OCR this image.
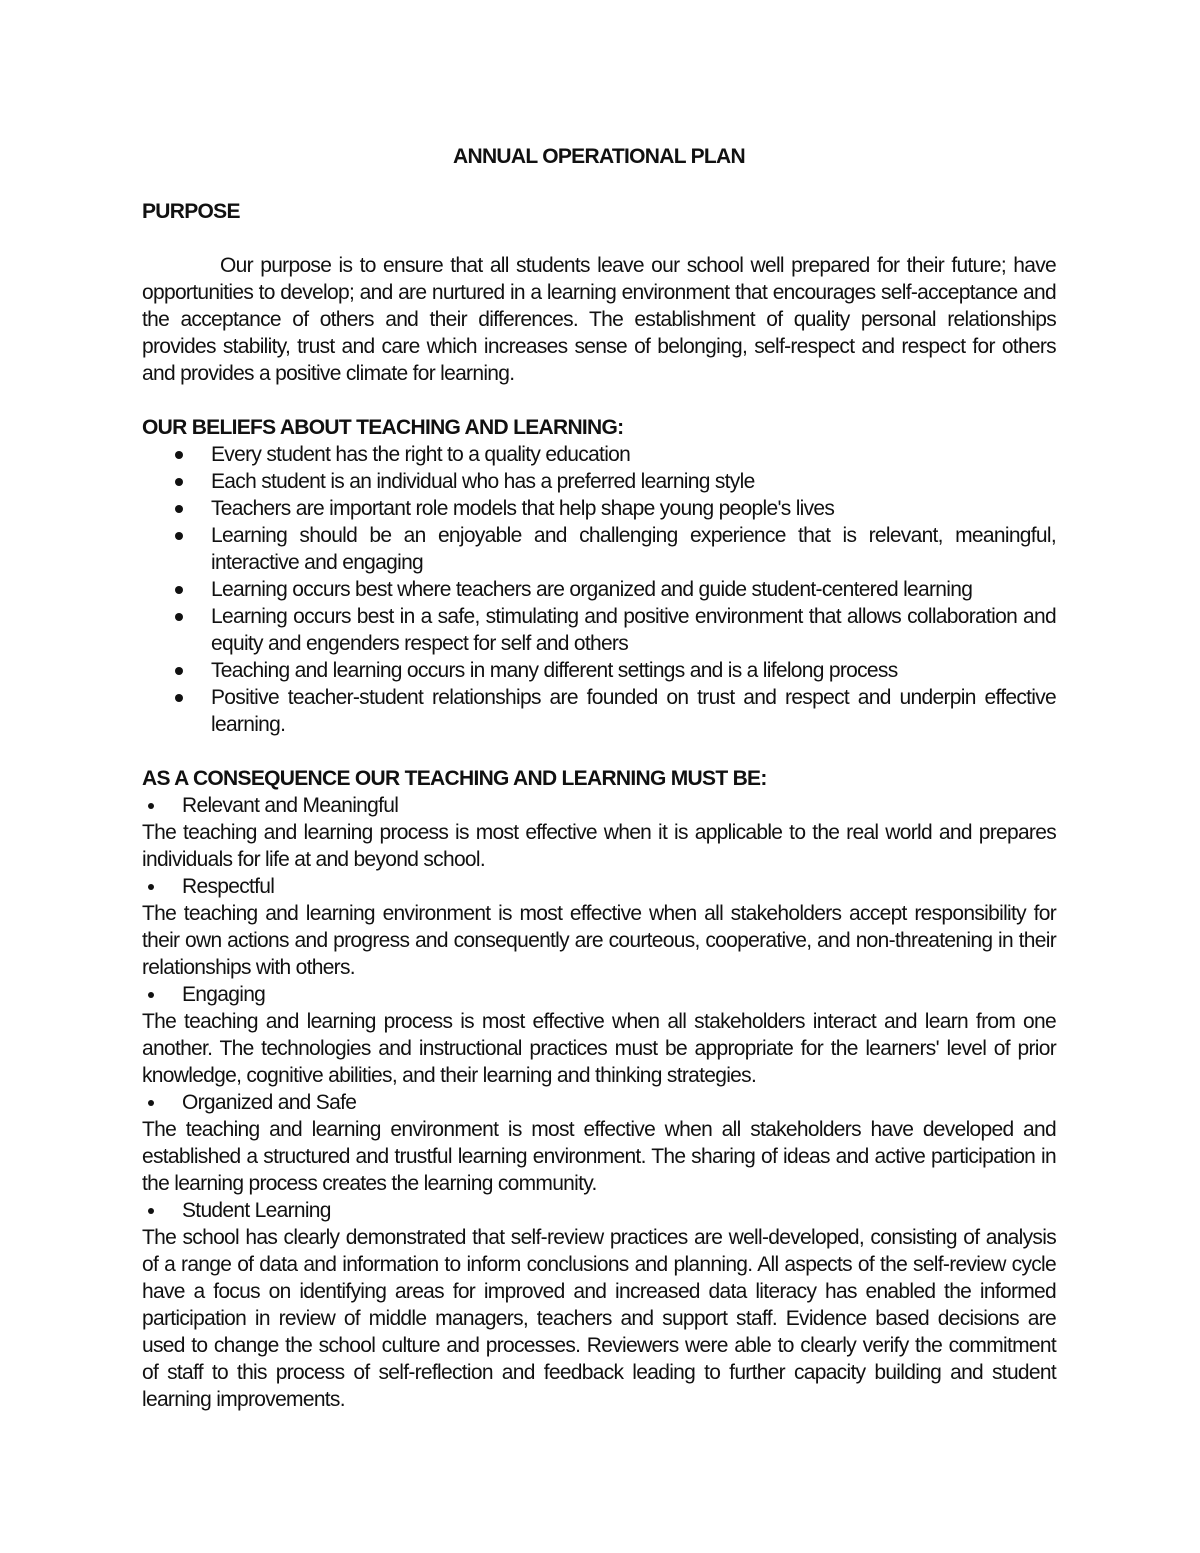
ANNUAL OPERATIONAL PLAN

PURPOSE

Our purpose is to ensure that all students leave our school well prepared for their future; have opportunities to develop; and are nurtured in a learning environment that encourages self-acceptance and the acceptance of others and their differences. The establishment of quality personal relationships provides stability, trust and care which increases sense of belonging, self-respect and respect for others and provides a positive climate for learning.

OUR BELIEFS ABOUT TEACHING AND LEARNING:

Every student has the right to a quality education
Each student is an individual who has a preferred learning style
Teachers are important role models that help shape young people's lives
Learning should be an enjoyable and challenging experience that is relevant, meaningful, interactive and engaging
Learning occurs best where teachers are organized and guide student-centered learning
Learning occurs best in a safe, stimulating and positive environment that allows collaboration and equity and engenders respect for self and others
Teaching and learning occurs in many different settings and is a lifelong process
Positive teacher-student relationships are founded on trust and respect and underpin effective learning.

AS A CONSEQUENCE OUR TEACHING AND LEARNING MUST BE:

Relevant and Meaningful

The teaching and learning process is most effective when it is applicable to the real world and prepares individuals for life at and beyond school.

Respectful

The teaching and learning environment is most effective when all stakeholders accept responsibility for their own actions and progress and consequently are courteous, cooperative, and non-threatening in their relationships with others.

Engaging

The teaching and learning process is most effective when all stakeholders interact and learn from one another. The technologies and instructional practices must be appropriate for the learners' level of prior knowledge, cognitive abilities, and their learning and thinking strategies.

Organized and Safe

The teaching and learning environment is most effective when all stakeholders have developed and established a structured and trustful learning environment. The sharing of ideas and active participation in the learning process creates the learning community.

Student Learning

The school has clearly demonstrated that self-review practices are well-developed, consisting of analysis of a range of data and information to inform conclusions and planning. All aspects of the self-review cycle have a focus on identifying areas for improved and increased data literacy has enabled the informed participation in review of middle managers, teachers and support staff. Evidence based decisions are used to change the school culture and processes. Reviewers were able to clearly verify the commitment of staff to this process of self-reflection and feedback leading to further capacity building and student learning improvements.
